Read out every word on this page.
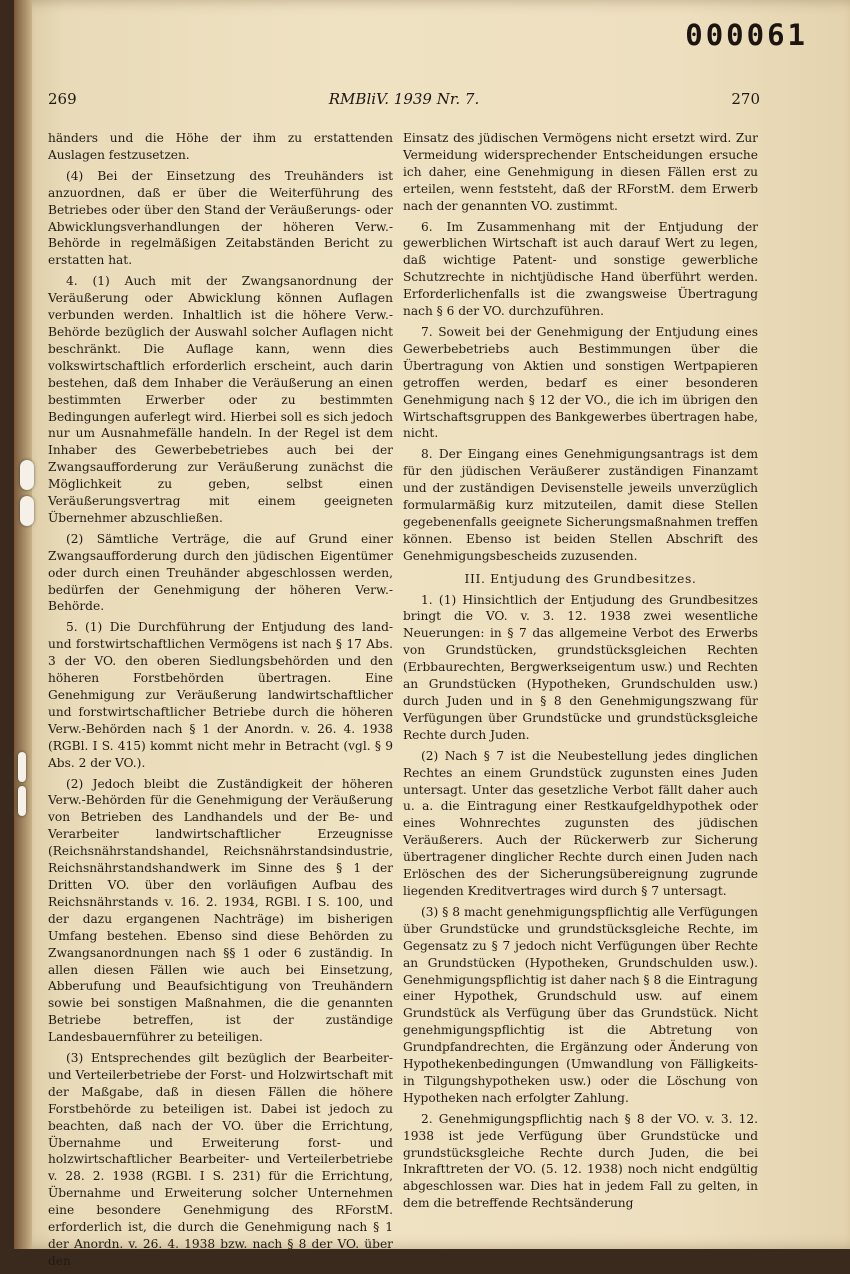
000061
269	RMBliV. 1939 Nr. 7.	270

händers und die Höhe der ihm zu erstattenden Auslagen festzusetzen.

(4) Bei der Einsetzung des Treuhänders ist anzuordnen, daß er über die Weiterführung des Betriebes oder über den Stand der Veräußerungs- oder Abwicklungsverhandlungen der höheren Verw.-Behörde in regelmäßigen Zeitabständen Bericht zu erstatten hat.

4. (1) Auch mit der Zwangsanordnung der Veräußerung oder Abwicklung können Auflagen verbunden werden. Inhaltlich ist die höhere Verw.-Behörde bezüglich der Auswahl solcher Auflagen nicht beschränkt. Die Auflage kann, wenn dies volkswirtschaftlich erforderlich erscheint, auch darin bestehen, daß dem Inhaber die Veräußerung an einen bestimmten Erwerber oder zu bestimmten Bedingungen auferlegt wird. Hierbei soll es sich jedoch nur um Ausnahmefälle handeln. In der Regel ist dem Inhaber des Gewerbebetriebes auch bei der Zwangsaufforderung zur Veräußerung zunächst die Möglichkeit zu geben, selbst einen Veräußerungsvertrag mit einem geeigneten Übernehmer abzuschließen.

(2) Sämtliche Verträge, die auf Grund einer Zwangsaufforderung durch den jüdischen Eigentümer oder durch einen Treuhänder abgeschlossen werden, bedürfen der Genehmigung der höheren Verw.-Behörde.

5. (1) Die Durchführung der Entjudung des land- und forstwirtschaftlichen Vermögens ist nach § 17 Abs. 3 der VO. den oberen Siedlungsbehörden und den höheren Forstbehörden übertragen. Eine Genehmigung zur Veräußerung landwirtschaftlicher und forstwirtschaftlicher Betriebe durch die höheren Verw.-Behörden nach § 1 der Anordn. v. 26. 4. 1938 (RGBl. I S. 415) kommt nicht mehr in Betracht (vgl. § 9 Abs. 2 der VO.).

(2) Jedoch bleibt die Zuständigkeit der höheren Verw.-Behörden für die Genehmigung der Veräußerung von Betrieben des Landhandels und der Be- und Verarbeiter landwirtschaftlicher Erzeugnisse (Reichsnährstandshandel, Reichsnährstandsindustrie, Reichsnährstandshandwerk im Sinne des § 1 der Dritten VO. über den vorläufigen Aufbau des Reichsnährstands v. 16. 2. 1934, RGBl. I S. 100, und der dazu ergangenen Nachträge) im bisherigen Umfang bestehen. Ebenso sind diese Behörden zu Zwangsanordnungen nach §§ 1 oder 6 zuständig. In allen diesen Fällen wie auch bei Einsetzung, Abberufung und Beaufsichtigung von Treuhändern sowie bei sonstigen Maßnahmen, die die genannten Betriebe betreffen, ist der zuständige Landesbauernführer zu beteiligen.

(3) Entsprechendes gilt bezüglich der Bearbeiter- und Verteilerbetriebe der Forst- und Holzwirtschaft mit der Maßgabe, daß in diesen Fällen die höhere Forstbehörde zu beteiligen ist. Dabei ist jedoch zu beachten, daß nach der VO. über die Errichtung, Übernahme und Erweiterung forst- und holzwirtschaftlicher Bearbeiter- und Verteilerbetriebe v. 28. 2. 1938 (RGBl. I S. 231) für die Errichtung, Übernahme und Erweiterung solcher Unternehmen eine besondere Genehmigung des RForstM. erforderlich ist, die durch die Genehmigung nach § 1 der Anordn. v. 26. 4. 1938 bzw. nach § 8 der VO. über den

Einsatz des jüdischen Vermögens nicht ersetzt wird. Zur Vermeidung widersprechender Entscheidungen ersuche ich daher, eine Genehmigung in diesen Fällen erst zu erteilen, wenn feststeht, daß der RForstM. dem Erwerb nach der genannten VO. zustimmt.

6. Im Zusammenhang mit der Entjudung der gewerblichen Wirtschaft ist auch darauf Wert zu legen, daß wichtige Patent- und sonstige gewerbliche Schutzrechte in nichtjüdische Hand überführt werden. Erforderlichenfalls ist die zwangsweise Übertragung nach § 6 der VO. durchzuführen.

7. Soweit bei der Genehmigung der Entjudung eines Gewerbebetriebs auch Bestimmungen über die Übertragung von Aktien und sonstigen Wertpapieren getroffen werden, bedarf es einer besonderen Genehmigung nach § 12 der VO., die ich im übrigen den Wirtschaftsgruppen des Bankgewerbes übertragen habe, nicht.

8. Der Eingang eines Genehmigungsantrags ist dem für den jüdischen Veräußerer zuständigen Finanzamt und der zuständigen Devisenstelle jeweils unverzüglich formularmäßig kurz mitzuteilen, damit diese Stellen gegebenenfalls geeignete Sicherungsmaßnahmen treffen können. Ebenso ist beiden Stellen Abschrift des Genehmigungsbescheids zuzusenden.

III. Entjudung des Grundbesitzes.

1. (1) Hinsichtlich der Entjudung des Grundbesitzes bringt die VO. v. 3. 12. 1938 zwei wesentliche Neuerungen: in § 7 das allgemeine Verbot des Erwerbs von Grundstücken, grundstücksgleichen Rechten (Erbbaurechten, Bergwerkseigentum usw.) und Rechten an Grundstücken (Hypotheken, Grundschulden usw.) durch Juden und in § 8 den Genehmigungszwang für Verfügungen über Grundstücke und grundstücksgleiche Rechte durch Juden.

(2) Nach § 7 ist die Neubestellung jedes dinglichen Rechtes an einem Grundstück zugunsten eines Juden untersagt. Unter das gesetzliche Verbot fällt daher auch u. a. die Eintragung einer Restkaufgeldhypothek oder eines Wohnrechtes zugunsten des jüdischen Veräußerers. Auch der Rückerwerb zur Sicherung übertragener dinglicher Rechte durch einen Juden nach Erlöschen des der Sicherungsübereignung zugrunde liegenden Kreditvertrages wird durch § 7 untersagt.

(3) § 8 macht genehmigungspflichtig alle Verfügungen über Grundstücke und grundstücksgleiche Rechte, im Gegensatz zu § 7 jedoch nicht Verfügungen über Rechte an Grundstücken (Hypotheken, Grundschulden usw.). Genehmigungspflichtig ist daher nach § 8 die Eintragung einer Hypothek, Grundschuld usw. auf einem Grundstück als Verfügung über das Grundstück. Nicht genehmigungspflichtig ist die Abtretung von Grundpfandrechten, die Ergänzung oder Änderung von Hypothekenbedingungen (Umwandlung von Fälligkeits- in Tilgungshypotheken usw.) oder die Löschung von Hypotheken nach erfolgter Zahlung.

2. Genehmigungspflichtig nach § 8 der VO. v. 3. 12. 1938 ist jede Verfügung über Grundstücke und grundstücksgleiche Rechte durch Juden, die bei Inkrafttreten der VO. (5. 12. 1938) noch nicht endgültig abgeschlossen war. Dies hat in jedem Fall zu gelten, in dem die betreffende Rechtsänderung
